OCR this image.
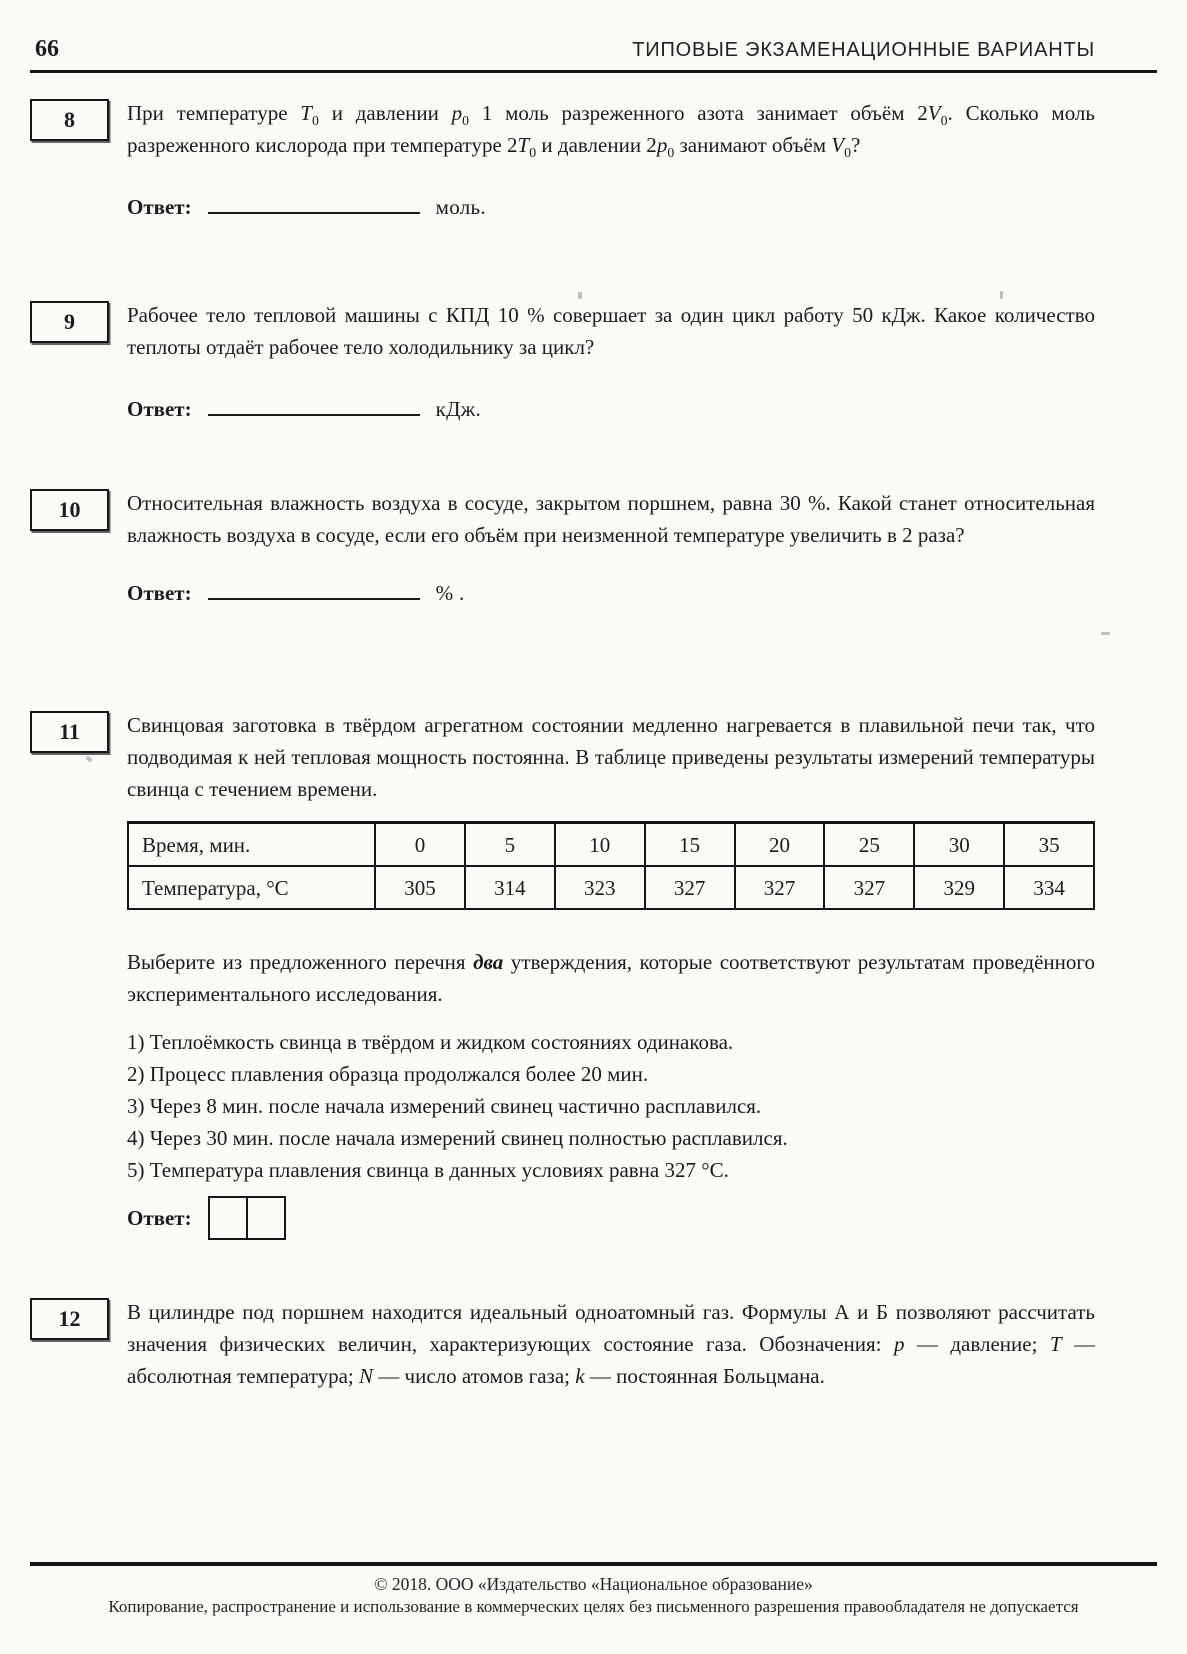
66	ТИПОВЫЕ ЭКЗАМЕНАЦИОННЫЕ ВАРИАНТЫ
8 При температуре $T_0$ и давлении $p_0$ 1 моль разреженного азота занимает объём $2V_0$. Сколько моль разреженного кислорода при температуре $2T_0$ и давлении $2p_0$ занимают объём $V_0$?
Ответ:	моль.
9 Рабочее тело тепловой машины с КПД 10 % совершает за один цикл работу 50 кДж. Какое количество теплоты отдаёт рабочее тело холодильнику за цикл?
Ответ:	кДж.
10 Относительная влажность воздуха в сосуде, закрытом поршнем, равна 30 %. Какой станет относительная влажность воздуха в сосуде, если его объём при неизменной температуре увеличить в 2 раза?
Ответ:	% .
11 Свинцовая заготовка в твёрдом агрегатном состоянии медленно нагревается в плавильной печи так, что подводимая к ней тепловая мощность постоянна. В таблице приведены результаты измерений температуры свинца с течением времени.
Время, мин.	0	5	10	15	20	25	30	35
Температура, °С	305	314	323	327	327	327	329	334
Выберите из предложенного перечня два утверждения, которые соответствуют результатам проведённого экспериментального исследования.
1) Теплоёмкость свинца в твёрдом и жидком состояниях одинакова.
2) Процесс плавления образца продолжался более 20 мин.
3) Через 8 мин. после начала измерений свинец частично расплавился.
4) Через 30 мин. после начала измерений свинец полностью расплавился.
5) Температура плавления свинца в данных условиях равна 327 °С.
Ответ:
12 В цилиндре под поршнем находится идеальный одноатомный газ. Формулы А и Б позволяют рассчитать значения физических величин, характеризующих состояние газа. Обозначения: p — давление; T — абсолютная температура; N — число атомов газа; k — постоянная Больцмана.
© 2018. ООО «Издательство «Национальное образование»
Копирование, распространение и использование в коммерческих целях без письменного разрешения правообладателя не допускается
